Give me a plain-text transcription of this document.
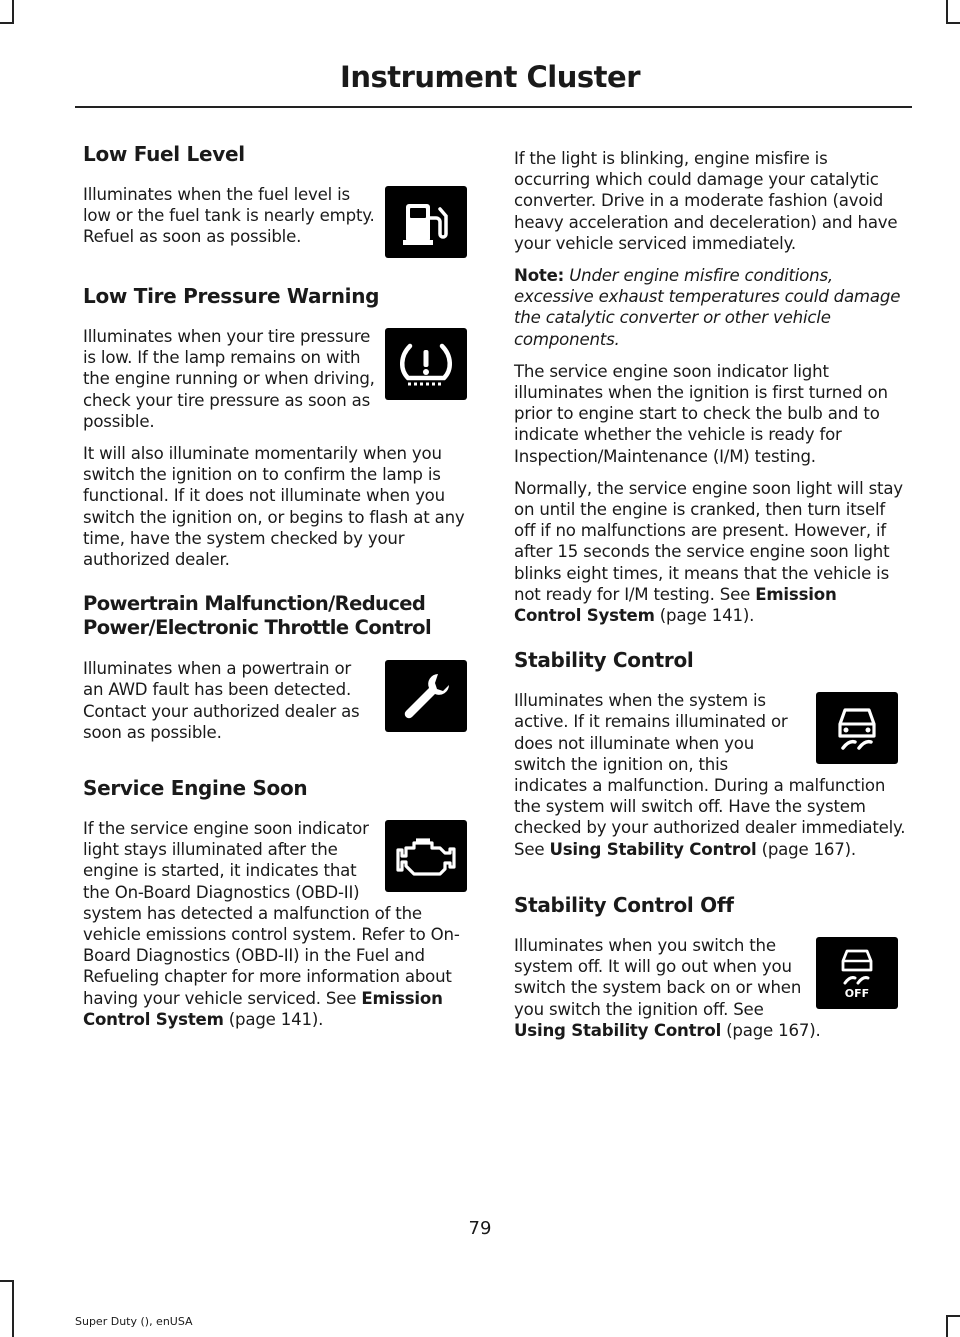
Instrument Cluster
Low Fuel Level

Illuminates when the fuel level is low or the fuel tank is nearly empty. Refuel as soon as possible.

Low Tire Pressure Warning

Illuminates when your tire pressure is low. If the lamp remains on with the engine running or when driving, check your tire pressure as soon as possible.

It will also illuminate momentarily when you switch the ignition on to confirm the lamp is functional. If it does not illuminate when you switch the ignition on, or begins to flash at any time, have the system checked by your authorized dealer.

Powertrain Malfunction/Reduced
Power/Electronic Throttle Control

Illuminates when a powertrain or an AWD fault has been detected. Contact your authorized dealer as soon as possible.

Service Engine Soon

If the service engine soon indicator light stays illuminated after the engine is started, it indicates that the On-Board Diagnostics (OBD-II) system has detected a malfunction of the vehicle emissions control system. Refer to On-Board Diagnostics (OBD-II) in the Fuel and Refueling chapter for more information about having your vehicle serviced. See Emission Control System (page 141).

If the light is blinking, engine misfire is occurring which could damage your catalytic converter. Drive in a moderate fashion (avoid heavy acceleration and deceleration) and have your vehicle serviced immediately.

Note: Under engine misfire conditions, excessive exhaust temperatures could damage the catalytic converter or other vehicle components.

The service engine soon indicator light illuminates when the ignition is first turned on prior to engine start to check the bulb and to indicate whether the vehicle is ready for Inspection/Maintenance (I/M) testing.

Normally, the service engine soon light will stay on until the engine is cranked, then turn itself off if no malfunctions are present. However, if after 15 seconds the service engine soon light blinks eight times, it means that the vehicle is not ready for I/M testing. See Emission Control System (page 141).

Stability Control

Illuminates when the system is active. If it remains illuminated or does not illuminate when you switch the ignition on, this indicates a malfunction. During a malfunction the system will switch off. Have the system checked by your authorized dealer immediately. See Using Stability Control (page 167).

Stability Control Off
OFF

Illuminates when you switch the system off. It will go out when you switch the system back on or when you switch the ignition off. See Using Stability Control (page 167).

79
Super Duty (), enUSA
